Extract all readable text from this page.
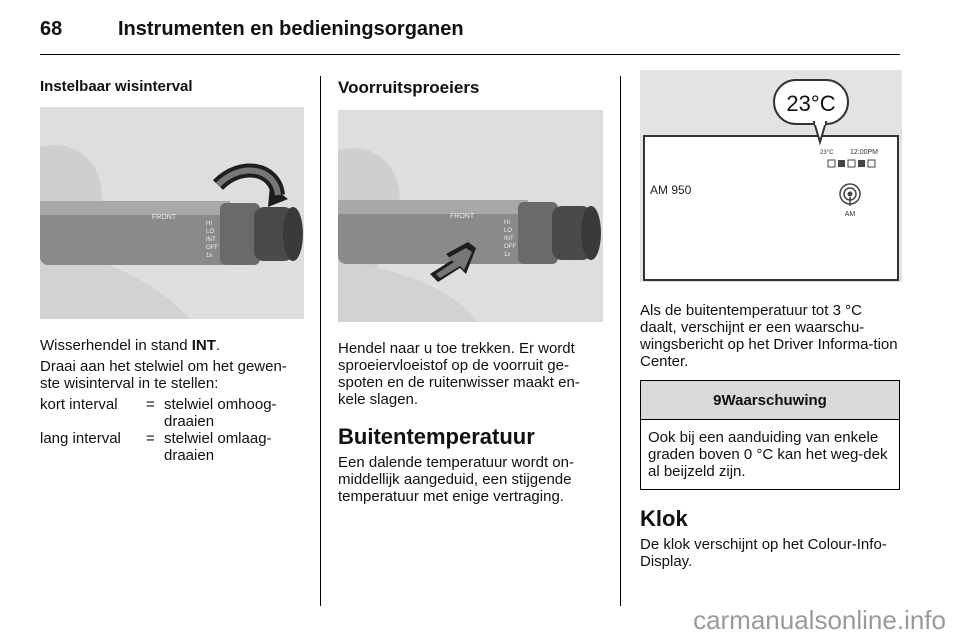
68	Instrumenten en bedieningsorganen
Instelbaar wisinterval
FRONT
HI
LO
INT
OFF
1x

Wisserhendel in stand INT.

Draai aan het stelwiel om het gewen-ste wisinterval in te stellen:

kort interval	=	stelwiel omhoog-draaien
lang interval	=	stelwiel omlaag-draaien
Voorruitsproeiers
FRONT
HI
LO
INT
OFF
1x

Hendel naar u toe trekken. Er wordt sproeiervloeistof op de voorruit ge-spoten en de ruitenwisser maakt en-kele slagen.

Buitentemperatuur

Een dalende temperatuur wordt on-middellijk aangeduid, een stijgende temperatuur met enige vertraging.

23°C
23°C 12:00PM
AM 950
AM

Als de buitentemperatuur tot 3 °C daalt, verschijnt er een waarschu-wingsbericht op het Driver Informa-tion Center.

9 Waarschuwing
Ook bij een aanduiding van enkele graden boven 0 °C kan het weg-dek al beijzeld zijn.
Klok

De klok verschijnt op het Colour-Info-Display.

carmanualsonline.info
